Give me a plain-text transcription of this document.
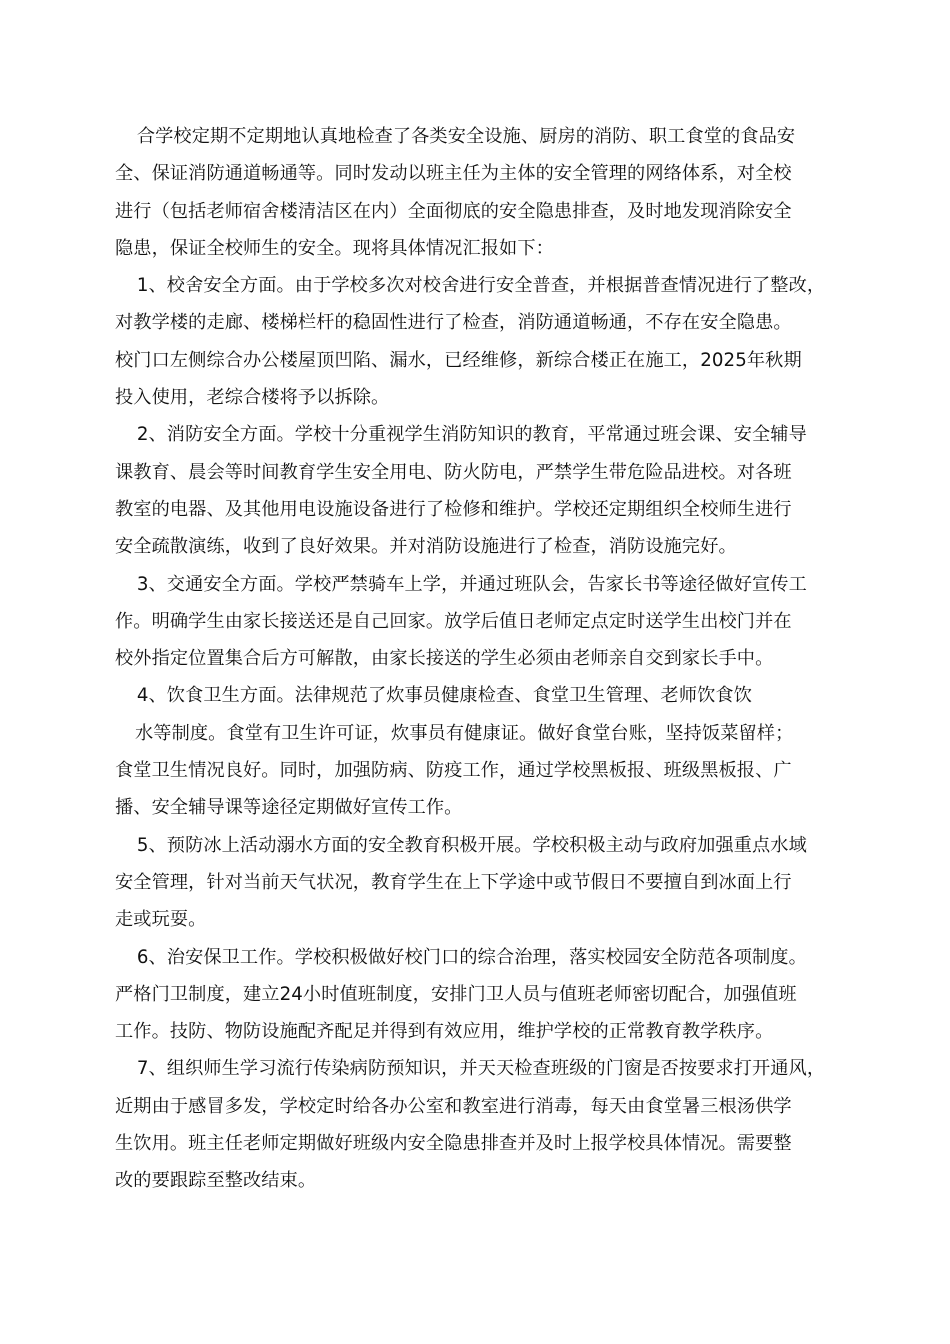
合学校定期不定期地认真地检查了各类安全设施、厨房的消防、职工食堂的食品安
全、保证消防通道畅通等。同时发动以班主任为主体的安全管理的网络体系，对全校
进行（包括老师宿舍楼清洁区在内）全面彻底的安全隐患排查，及时地发现消除安全
隐患，保证全校师生的安全。现将具体情况汇报如下：

1、校舍安全方面。由于学校多次对校舍进行安全普查，并根据普查情况进行了整改，
对教学楼的走廊、楼梯栏杆的稳固性进行了检查，消防通道畅通，不存在安全隐患。
校门口左侧综合办公楼屋顶凹陷、漏水，已经维修，新综合楼正在施工，2025年秋期
投入使用，老综合楼将予以拆除。

2、消防安全方面。学校十分重视学生消防知识的教育，平常通过班会课、安全辅导
课教育、晨会等时间教育学生安全用电、防火防电，严禁学生带危险品进校。对各班
教室的电器、及其他用电设施设备进行了检修和维护。学校还定期组织全校师生进行
安全疏散演练，收到了良好效果。并对消防设施进行了检查，消防设施完好。

3、交通安全方面。学校严禁骑车上学，并通过班队会，告家长书等途径做好宣传工
作。明确学生由家长接送还是自己回家。放学后值日老师定点定时送学生出校门并在
校外指定位置集合后方可解散，由家长接送的学生必须由老师亲自交到家长手中。

4、饮食卫生方面。法律规范了炊事员健康检查、食堂卫生管理、老师饮食饮
水等制度。食堂有卫生许可证，炊事员有健康证。做好食堂台账，坚持饭菜留样；
食堂卫生情况良好。同时，加强防病、防疫工作，通过学校黑板报、班级黑板报、广
播、安全辅导课等途径定期做好宣传工作。

5、预防冰上活动溺水方面的安全教育积极开展。学校积极主动与政府加强重点水域
安全管理，针对当前天气状况，教育学生在上下学途中或节假日不要擅自到冰面上行
走或玩耍。

6、治安保卫工作。学校积极做好校门口的综合治理，落实校园安全防范各项制度。
严格门卫制度，建立24小时值班制度，安排门卫人员与值班老师密切配合，加强值班
工作。技防、物防设施配齐配足并得到有效应用，维护学校的正常教育教学秩序。

7、组织师生学习流行传染病防预知识，并天天检查班级的门窗是否按要求打开通风，
近期由于感冒多发，学校定时给各办公室和教室进行消毒，每天由食堂暑三根汤供学
生饮用。班主任老师定期做好班级内安全隐患排查并及时上报学校具体情况。需要整
改的要跟踪至整改结束。
